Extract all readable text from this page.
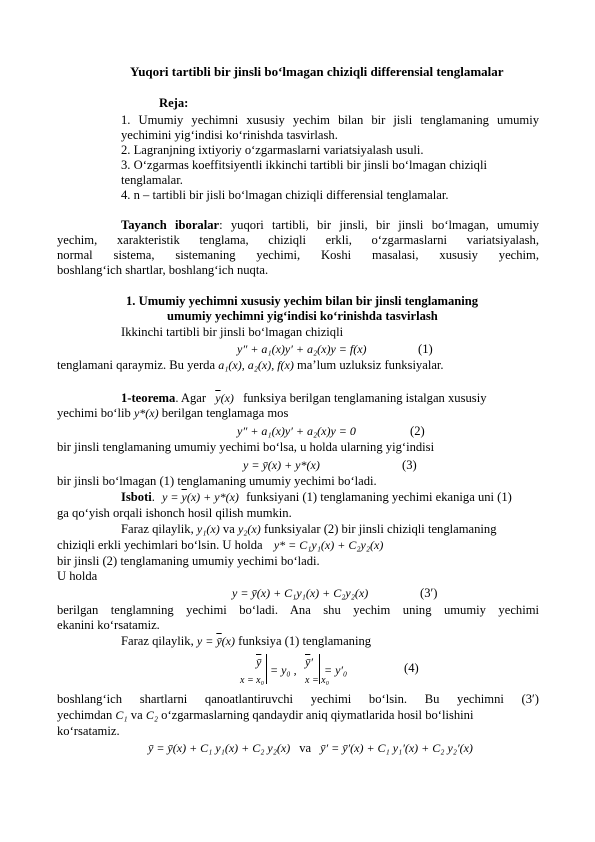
Yuqori tartibli bir jinsli bo‘lmagan chiziqli differensial tenglamalar
Reja:
1. Umumiy yechimni xususiy yechim bilan bir jisli tenglamaning umumiy
yechimini yig‘indisi ko‘rinishda tasvirlash.
2. Lagranjning ixtiyoriy o‘zgarmaslarni variatsiyalash usuli.
3. O‘zgarmas koeffitsiyentli ikkinchi tartibli bir jinsli bo‘lmagan chiziqli
tenglamalar.
4. n – tartibli bir jisli bo‘lmagan chiziqli differensial tenglamalar.
Tayanch iboralar: yuqori tartibli, bir jinsli, bir jinsli bo‘lmagan, umumiy
yechim, xarakteristik tenglama, chiziqli erkli, o‘zgarmaslarni variatsiyalash,
normal sistema, sistemaning yechimi, Koshi masalasi, xususiy yechim,
boshlang‘ich shartlar, boshlang‘ich nuqta.
1. Umumiy yechimni xususiy yechim bilan bir jinsli tenglamaning
umumiy yechimni yig‘indisi ko‘rinishda tasvirlash
Ikkinchi tartibli bir jinsli bo‘lmagan chiziqli
y″ + a₁(x)y′ + a₂(x)y = f(x)	(1)
tenglamani qaraymiz. Bu yerda a₁(x), a₂(x), f(x) ma’lum uzluksiz funksiyalar.
1-teorema. Agar $\overline{y}(x)$ funksiya berilgan tenglamaning istalgan xususiy
yechimi bo‘lib y*(x) berilgan tenglamaga mos
y″ + a₁(x)y′ + a₂(x)y = 0	(2)
bir jinsli tenglamaning umumiy yechimi bo‘lsa, u holda ularning yig‘indisi
y = ȳ(x) + y*(x)	(3)
bir jinsli bo‘lmagan (1) tenglamaning umumiy yechimi bo‘ladi.
Isboti. $y = \overline{y}(x) + y*(x)$ funksiyani (1) tenglamaning yechimi ekaniga uni (1)
ga qo‘yish orqali ishonch hosil qilish mumkin.
Faraz qilaylik, y₁(x) va y₂(x) funksiyalar (2) bir jinsli chiziqli tenglamaning
chiziqli erkli yechimlari bo‘lsin. U holda y* = C₁y₁(x) + C₂y₂(x)
bir jinsli (2) tenglamaning umumiy yechimi bo‘ladi.
U holda
y = ȳ(x) + C₁y₁(x) + C₂y₂(x)	(3′)
berilgan tenglamning yechimi bo‘ladi. Ana shu yechim uning umumiy yechimi
ekanini ko‘rsatamiz.
Faraz qilaylik, $y = \overline{ȳ}(x)$ funksiya (1) tenglamaning
$\overline{ȳ}$
= y₀ ,
x = x₀
$\overline{ȳ}'$
= y′₀
x = x₀
(4)
boshlang‘ich shartlarni qanoatlantiruvchi yechimi bo‘lsin. Bu yechimni (3′)
yechimdan C₁ va C₂ o‘zgarmaslarning qandaydir aniq qiymatlarida hosil bo‘lishini
ko‘rsatamiz.
ȳ = ȳ(x) + C₁ y₁(x) + C₂ y₂(x) va ȳ′ = ȳ′(x) + C₁ y₁′(x) + C₂ y₂′(x)
